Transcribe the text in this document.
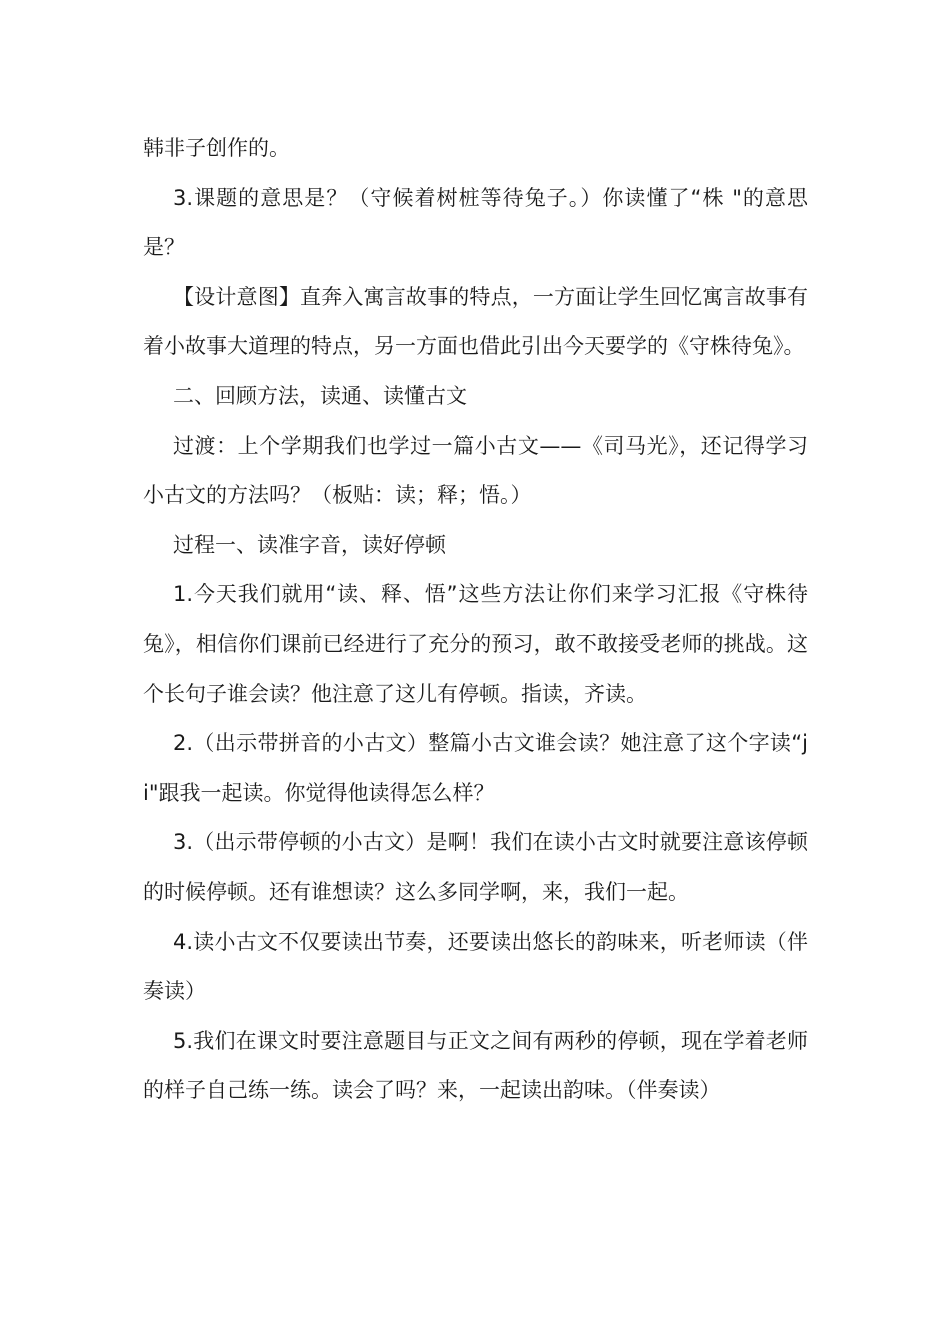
韩非子创作的。

3.课题的意思是？（守候着树桩等待兔子。）你读懂了“株 "的意思是？

【设计意图】直奔入寓言故事的特点，一方面让学生回忆寓言故事有着小故事大道理的特点，另一方面也借此引出今天要学的《守株待兔》。

二、回顾方法，读通、读懂古文

过渡：上个学期我们也学过一篇小古文——《司马光》，还记得学习小古文的方法吗？（板贴：读；释；悟。）

过程一、读准字音，读好停顿

1.今天我们就用“读、释、悟”这些方法让你们来学习汇报《守株待兔》，相信你们课前已经进行了充分的预习，敢不敢接受老师的挑战。这个长句子谁会读？他注意了这儿有停顿。指读，齐读。

2.（出示带拼音的小古文）整篇小古文谁会读？她注意了这个字读“ji"跟我一起读。你觉得他读得怎么样？

3.（出示带停顿的小古文）是啊！我们在读小古文时就要注意该停顿的时候停顿。还有谁想读？这么多同学啊，来，我们一起。

4.读小古文不仅要读出节奏，还要读出悠长的韵味来，听老师读（伴奏读）

5.我们在课文时要注意题目与正文之间有两秒的停顿，现在学着老师的样子自己练一练。读会了吗？来，一起读出韵味。（伴奏读）
